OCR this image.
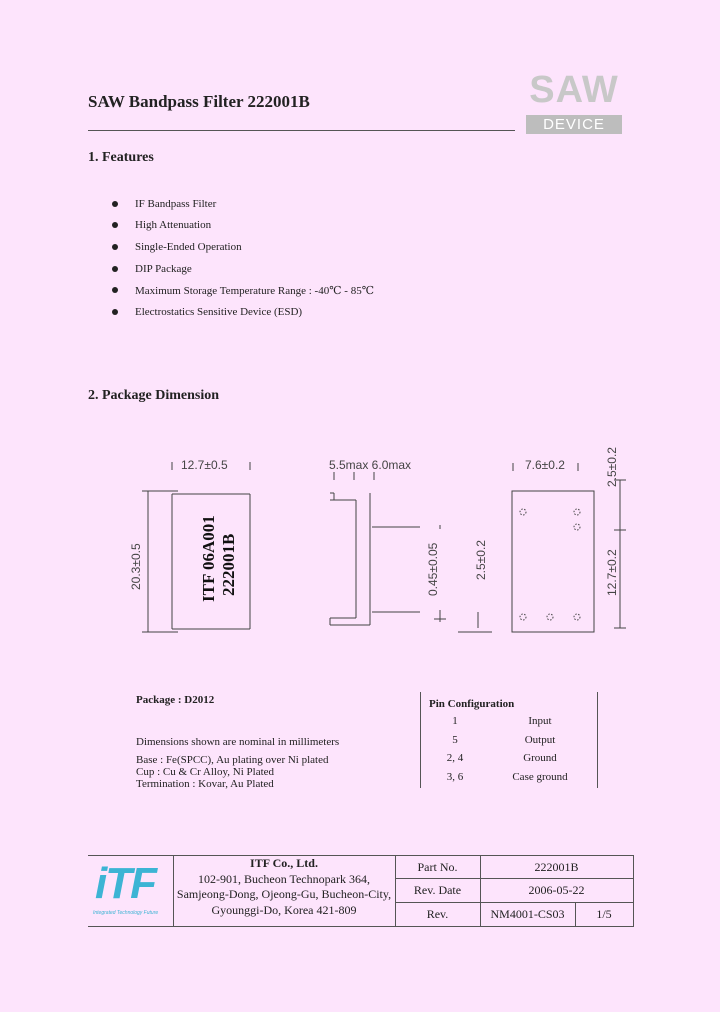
SAW Bandpass Filter 222001B	SAW
DEVICE
1. Features
IF Bandpass Filter
High Attenuation
Single-Ended Operation
DIP Package
Maximum Storage Temperature Range : -40℃ - 85℃
Electrostatics Sensitive Device (ESD)
2. Package Dimension
12.7±0.5
20.3±0.5
5.5max 6.0max
0.45±0.05	2.5±0.2
7.6±0.2	2.5±0.2
12.7±0.2
ITF 06A001 222001B
Package : D2012
Dimensions shown are nominal in millimeters
Base : Fe(SPCC), Au plating over Ni plated
Cup : Cu & Cr Alloy, Ni Plated
Termination : Kovar, Au Plated
Pin Configuration
1	Input
5	Output
2, 4	Ground
3, 6	Case ground
iTF
Integrated Technology Future
ITF Co., Ltd.
102-901, Bucheon Technopark 364,
Samjeong-Dong, Ojeong-Gu, Bucheon-City,
Gyounggi-Do, Korea 421-809
Part No.	222001B
Rev. Date	2006-05-22
Rev.	NM4001-CS03	1/5
